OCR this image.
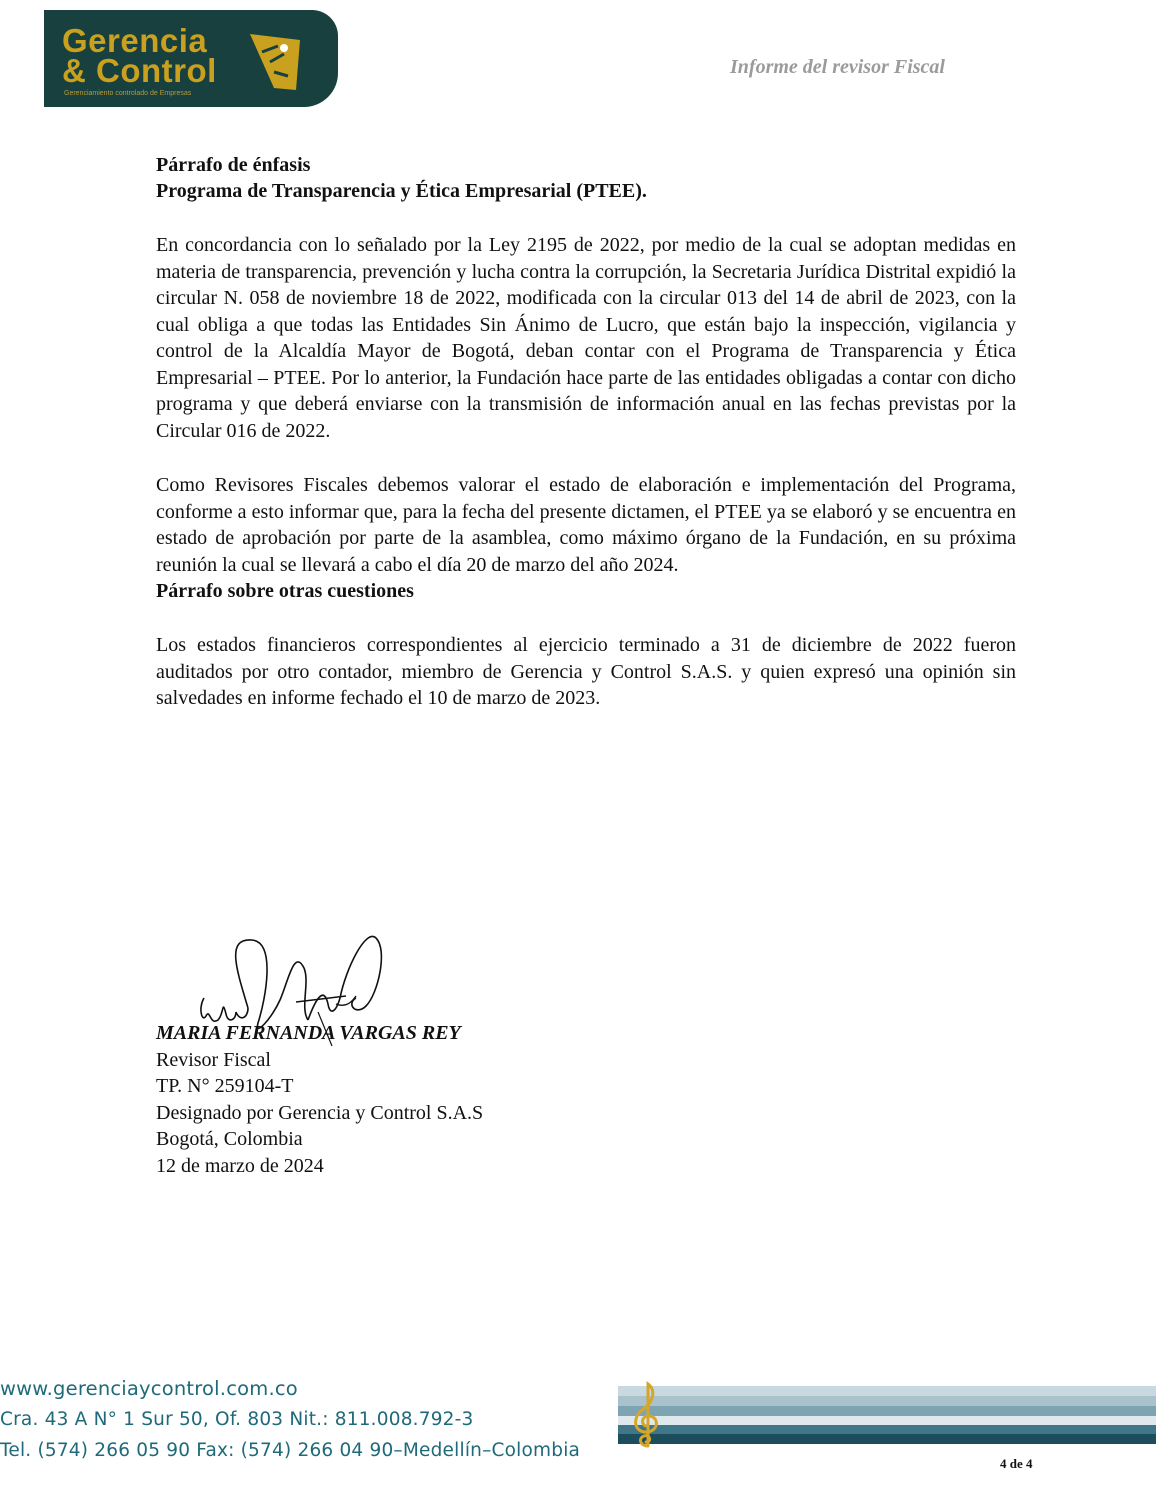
Gerencia
& Control
Gerenciamiento controlado de Empresas
Informe del revisor Fiscal
Párrafo de énfasis
Programa de Transparencia y Ética Empresarial (PTEE).

En concordancia con lo señalado por la Ley 2195 de 2022, por medio de la cual se adoptan medidas en materia de transparencia, prevención y lucha contra la corrupción, la Secretaria Jurídica Distrital expidió la circular N. 058 de noviembre 18 de 2022, modificada con la circular 013 del 14 de abril de 2023, con la cual obliga a que todas las Entidades Sin Ánimo de Lucro, que están bajo la inspección, vigilancia y control de la Alcaldía Mayor de Bogotá, deban contar con el Programa de Transparencia y Ética Empresarial – PTEE. Por lo anterior, la Fundación hace parte de las entidades obligadas a contar con dicho programa y que deberá enviarse con la transmisión de información anual en las fechas previstas por la Circular 016 de 2022.

Como Revisores Fiscales debemos valorar el estado de elaboración e implementación del Programa, conforme a esto informar que, para la fecha del presente dictamen, el PTEE ya se elaboró y se encuentra en estado de aprobación por parte de la asamblea, como máximo órgano de la Fundación, en su próxima reunión la cual se llevará a cabo el día 20 de marzo del año 2024.

Párrafo sobre otras cuestiones

Los estados financieros correspondientes al ejercicio terminado a 31 de diciembre de 2022 fueron auditados por otro contador, miembro de Gerencia y Control S.A.S. y quien expresó una opinión sin salvedades en informe fechado el 10 de marzo de 2023.

MARIA FERNANDA VARGAS REY
Revisor Fiscal
TP. N° 259104-T
Designado por Gerencia y Control S.A.S
Bogotá, Colombia
12 de marzo de 2024
www.gerenciaycontrol.com.co
Cra. 43 A N° 1 Sur 50, Of. 803 Nit.: 811.008.792-3
Tel. (574) 266 05 90 Fax: (574) 266 04 90–Medellín–Colombia
4 de 4
